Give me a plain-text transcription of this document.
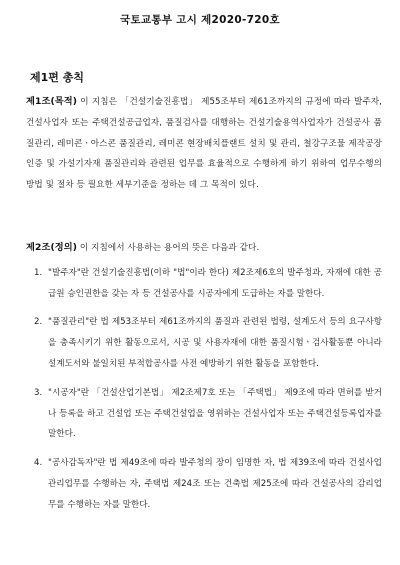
국토교통부 고시 제2020-720호
제1편 총칙

제1조(목적) 이 지침은 「건설기술진흥법」 제55조부터 제61조까지의 규정에 따라 발주자, 건설사업자 또는 주택건설공급업자, 품질검사를 대행하는 건설기술용역사업자가 건설공사 품질관리, 레미콘ㆍ아스콘 품질관리, 레미콘 현장배치플랜트 설치 및 관리, 철강구조물 제작공장 인증 및 가설기자재 품질관리와 관련된 업무를 효율적으로 수행하게 하기 위하여 업무수행의 방법 및 절차 등 필요한 세부기준을 정하는 데 그 목적이 있다.

제2조(정의) 이 지침에서 사용하는 용어의 뜻은 다음과 같다.

1. "발주자"란 건설기술진흥법(이하 "법"이라 한다) 제2조제6호의 발주청과, 자재에 대한 공급원 승인권한을 갖는 자 등 건설공사를 시공자에게 도급하는 자를 말한다.
2. "품질관리"란 법 제53조부터 제61조까지의 품질과 관련된 법령, 설계도서 등의 요구사항을 충족시키기 위한 활동으로서, 시공 및 사용자재에 대한 품질시험ㆍ검사활동뿐 아니라 설계도서와 불일치된 부적합공사를 사전 예방하기 위한 활동을 포함한다.
3. "시공자"란 「건설산업기본법」 제2조제7호 또는 「주택법」 제9조에 따라 면허를 받거나 등록을 하고 건설업 또는 주택건설업을 영위하는 건설사업자 또는 주택건설등록업자를 말한다.
4. "공사감독자"란 법 제49조에 따라 발주청의 장이 임명한 자, 법 제39조에 따라 건설사업관리업무를 수행하는 자, 주택법 제24조 또는 건축법 제25조에 따라 건설공사의 감리업무를 수행하는 자를 말한다.
